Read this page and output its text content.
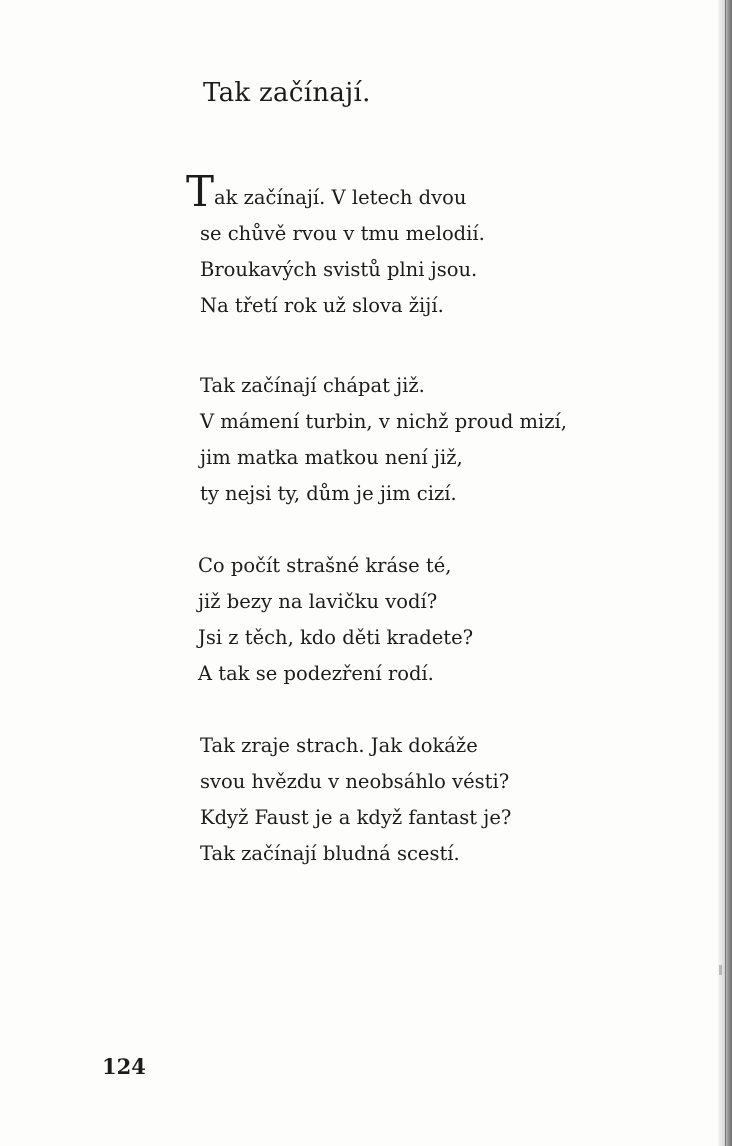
Tak začínají.
T ak začínají. V letech dvou
se chůvě rvou v tmu melodií.
Broukavých svistů plni jsou.
Na třetí rok už slova žijí.
Tak začínají chápat již.
V mámení turbin, v nichž proud mizí,
jim matka matkou není již,
ty nejsi ty, dům je jim cizí.
Co počít strašné kráse té,
již bezy na lavičku vodí?
Jsi z těch, kdo děti kradete?
A tak se podezření rodí.
Tak zraje strach. Jak dokáže
svou hvězdu v neobsáhlo vésti?
Když Faust je a když fantast je?
Tak začínají bludná scestí.
124
